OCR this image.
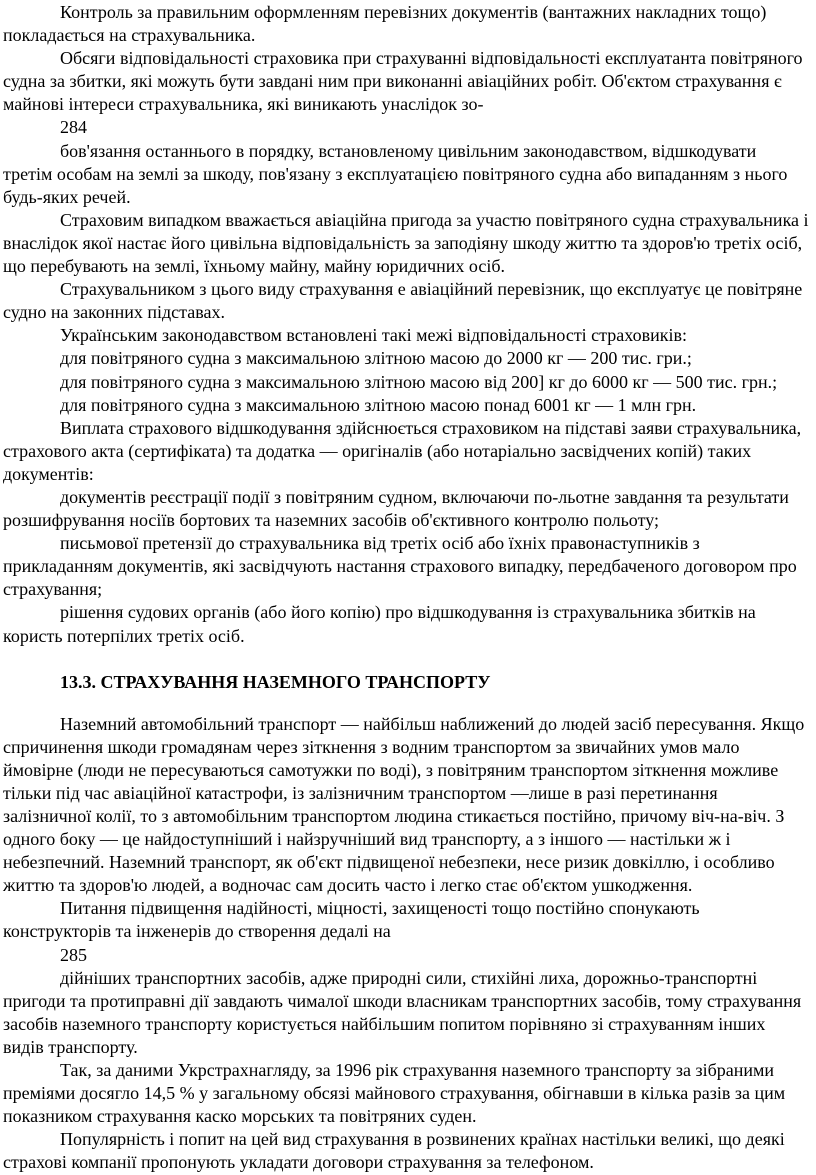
Контроль за правильним оформленням перевізних документів (вантажних накладних тощо) покладається на страхувальника.

Обсяги відповідальності страховика при страхуванні відповідальності експлуатанта повітряного судна за збитки, які можуть бути завдані ним при виконанні авіаційних робіт. Об'єктом страхування є майнові інтереси страхувальника, які виникають унаслідок зо-

284

бов'язання останнього в порядку, встановленому цивільним законодавством, відшкодувати третім особам на землі за шкоду, пов'язану з експлуатацією повітряного судна або випаданням з нього будь-яких речей.

Страховим випадком вважається авіаційна пригода за участю повітряного судна страхувальника і внаслідок якої настає його цивільна відповідальність за заподіяну шкоду життю та здоров'ю третіх осіб, що перебувають на землі, їхньому майну, майну юридичних осіб.

Страхувальником з цього виду страхування е авіаційний перевізник, що експлуатує це повітряне судно на законних підставах.

Українським законодавством встановлені такі межі відповідальності страховиків:

для повітряного судна з максимальною злітною масою до 2000 кг — 200 тис. гри.;

для повітряного судна з максимальною злітною масою від 200] кг до 6000 кг — 500 тис. грн.;

для повітряного судна з максимальною злітною масою понад 6001 кг — 1 млн грн.

Виплата страхового відшкодування здійснюється страховиком на підставі заяви страхувальника, страхового акта (сертифіката) та додатка — оригіналів (або нотаріально засвідчених копій) таких документів:

документів реєстрації події з повітряним судном, включаючи по-льотне завдання та результати розшифрування носіїв бортових та наземних засобів об'єктивного контролю польоту;

письмової претензії до страхувальника від третіх осіб або їхніх правонаступників з прикладанням документів, які засвідчують настання страхового випадку, передбаченого договором про страхування;

рішення судових органів (або його копію) про відшкодування із страхувальника збитків на користь потерпілих третіх осіб.

13.3. СТРАХУВАННЯ НАЗЕМНОГО ТРАНСПОРТУ

Наземний автомобільний транспорт — найбільш наближений до людей засіб пересування. Якщо спричинення шкоди громадянам через зіткнення з водним транспортом за звичайних умов мало ймовірне (люди не пересуваються самотужки по воді), з повітряним транспортом зіткнення можливе тільки під час авіаційної катастрофи, із залізничним транспортом —лише в разі перетинання залізничної колії, то з автомобільним транспортом людина стикається постійно, причому віч-на-віч. З одного боку — це найдоступніший і найзручніший вид транспорту, а з іншого — настільки ж і небезпечний. Наземний транспорт, як об'єкт підвищеної небезпеки, несе ризик довкіллю, і особливо життю та здоров'ю людей, а водночас сам досить часто і легко стає об'єктом ушкодження.

Питання підвищення надійності, міцності, захищеності тощо постійно спонукають конструкторів та інженерів до створення дедалі на

285

дійніших транспортних засобів, адже природні сили, стихійні лиха, дорожньо-транспортні пригоди та протиправні дії завдають чималої шкоди власникам транспортних засобів, тому страхування засобів наземного транспорту користується найбільшим попитом порівняно зі страхуванням інших видів транспорту.

Так, за даними Укрстрахнагляду, за 1996 рік страхування наземного транспорту за зібраними преміями досягло 14,5 % у загальному обсязі майнового страхування, обігнавши в кілька разів за цим показником страхування каско морських та повітряних суден.

Популярність і попит на цей вид страхування в розвинених країнах настільки великі, що деякі страхові компанії пропонують укладати договори страхування за телефоном.
